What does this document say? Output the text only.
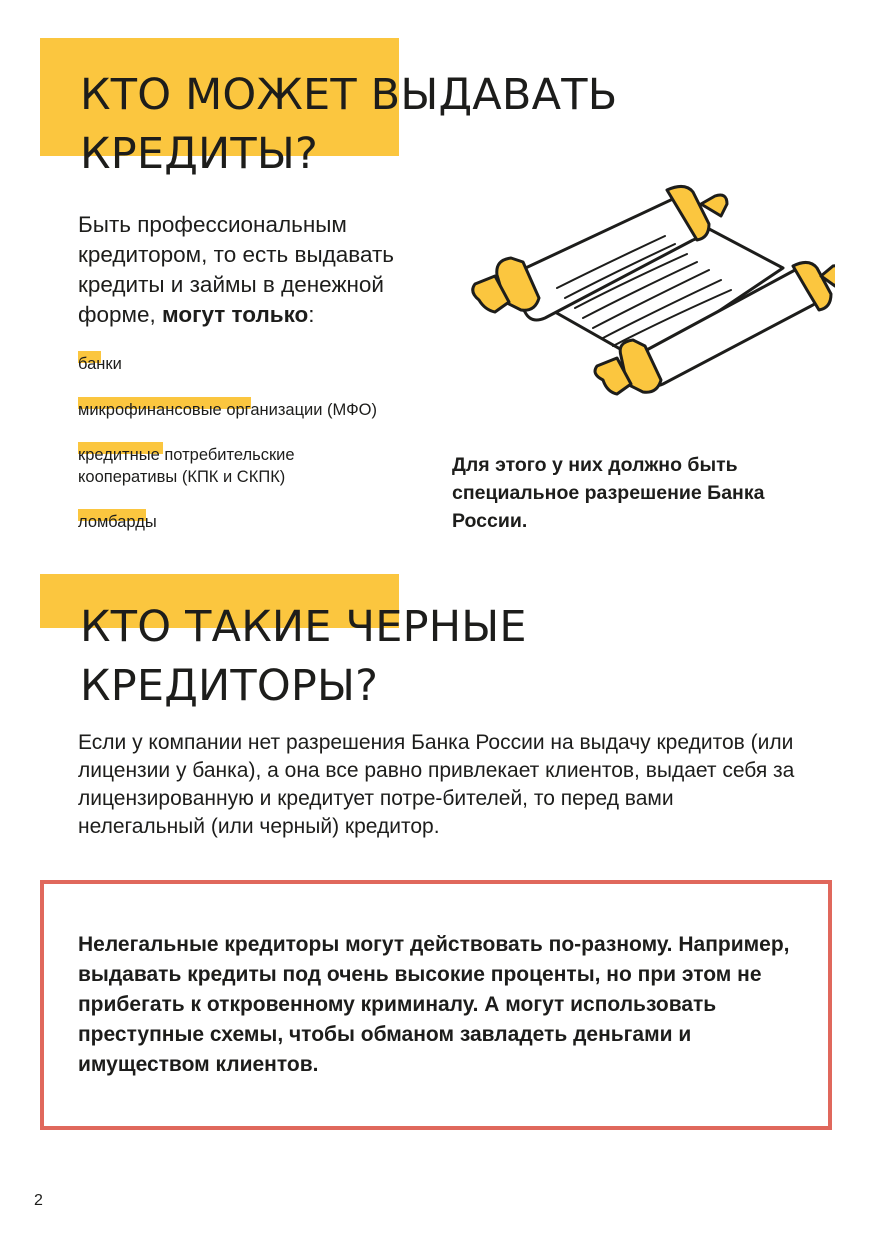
КТО МОЖЕТ ВЫДАВАТЬ
КРЕДИТЫ?

Быть профессиональным кредитором, то есть выдавать кредиты и займы в денежной форме, могут только:

банки
микрофинансовые организации (МФО)
кредитные потребительские кооперативы (КПК и СКПК)
ломбарды

Для этого у них должно быть специальное разрешение Банка России.

КТО ТАКИЕ ЧЕРНЫЕ
КРЕДИТОРЫ?

Если у компании нет разрешения Банка России на выдачу кредитов (или лицензии у банка), а она все равно привлекает клиентов, выдает себя за лицензированную и кредитует потре-бителей, то перед вами нелегальный (или черный) кредитор.

Нелегальные кредиторы могут действовать по-разному. Например, выдавать кредиты под очень высокие проценты, но при этом не прибегать к откровенному криминалу. А могут использовать преступные схемы, чтобы обманом завладеть деньгами и имуществом клиентов.

2
